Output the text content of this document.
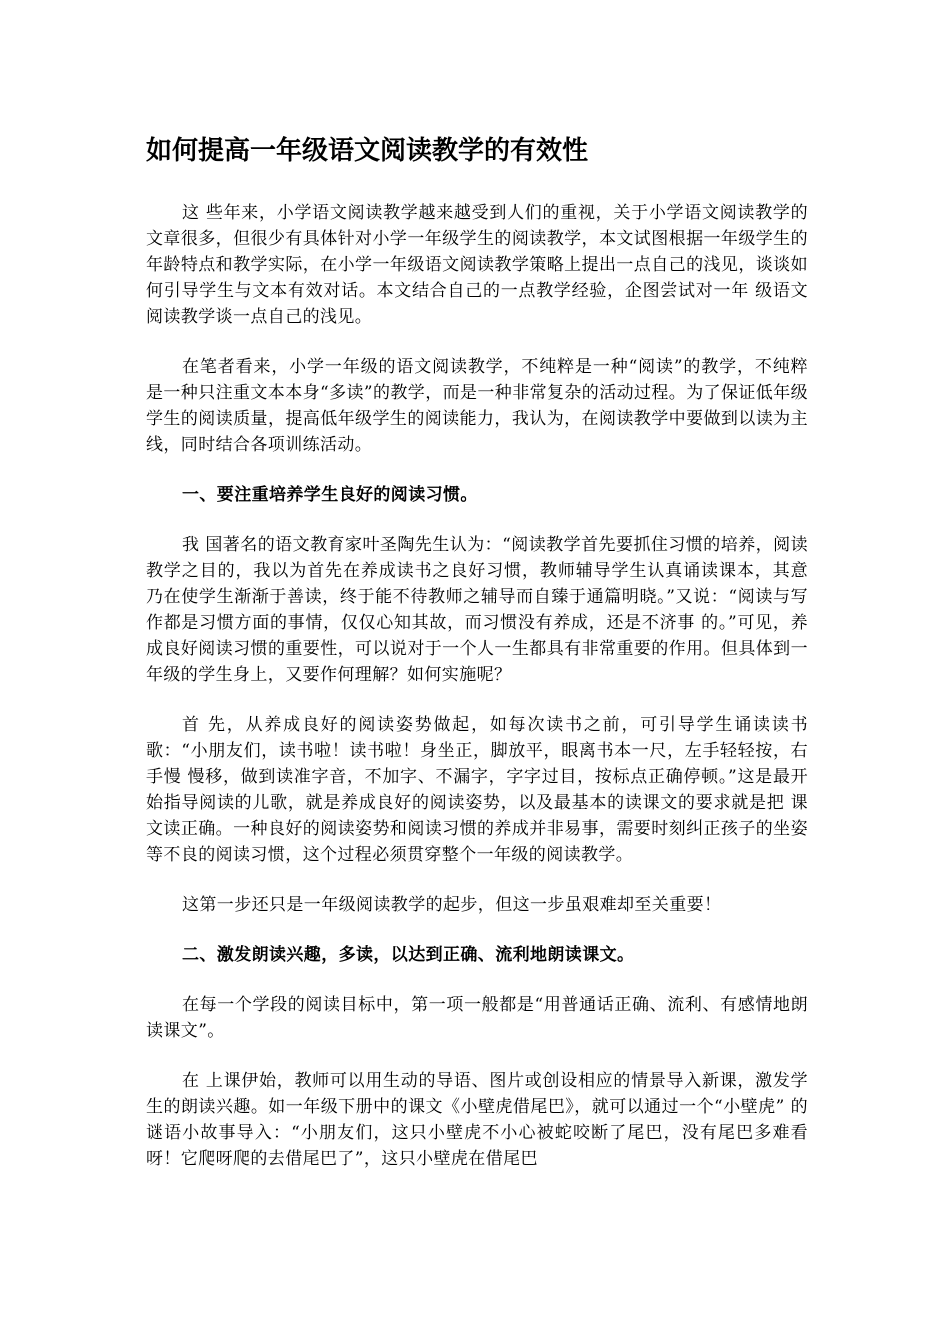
如何提高一年级语文阅读教学的有效性

这 些年来，小学语文阅读教学越来越受到人们的重视，关于小学语文阅读教学的文章很多，但很少有具体针对小学一年级学生的阅读教学，本文试图根据一年级学生的 年龄特点和教学实际，在小学一年级语文阅读教学策略上提出一点自己的浅见，谈谈如何引导学生与文本有效对话。本文结合自己的一点教学经验，企图尝试对一年 级语文阅读教学谈一点自己的浅见。

在笔者看来，小学一年级的语文阅读教学，不纯粹是一种“阅读”的教学，不纯粹是一种只注重文本本身“多读”的教学，而是一种非常复杂的活动过程。为了保证低年级学生的阅读质量，提高低年级学生的阅读能力，我认为，在阅读教学中要做到以读为主线，同时结合各项训练活动。

一、要注重培养学生良好的阅读习惯。

我 国著名的语文教育家叶圣陶先生认为：“阅读教学首先要抓住习惯的培养，阅读教学之目的，我以为首先在养成读书之良好习惯，教师辅导学生认真诵读课本，其意 乃在使学生渐渐于善读，终于能不待教师之辅导而自臻于通篇明晓。”又说：“阅读与写作都是习惯方面的事情，仅仅心知其故，而习惯没有养成，还是不济事 的。”可见，养成良好阅读习惯的重要性，可以说对于一个人一生都具有非常重要的作用。但具体到一年级的学生身上，又要作何理解？如何实施呢？

首 先，从养成良好的阅读姿势做起，如每次读书之前，可引导学生诵读读书歌：“小朋友们，读书啦！读书啦！身坐正，脚放平，眼离书本一尺，左手轻轻按，右手慢 慢移，做到读准字音，不加字、不漏字，字字过目，按标点正确停顿。”这是最开始指导阅读的儿歌，就是养成良好的阅读姿势，以及最基本的读课文的要求就是把 课文读正确。一种良好的阅读姿势和阅读习惯的养成并非易事，需要时刻纠正孩子的坐姿等不良的阅读习惯，这个过程必须贯穿整个一年级的阅读教学。

这第一步还只是一年级阅读教学的起步，但这一步虽艰难却至关重要！

二、激发朗读兴趣，多读，以达到正确、流利地朗读课文。

在每一个学段的阅读目标中，第一项一般都是“用普通话正确、流利、有感情地朗读课文”。

在 上课伊始，教师可以用生动的导语、图片或创设相应的情景导入新课，激发学生的朗读兴趣。如一年级下册中的课文《小壁虎借尾巴》，就可以通过一个“小壁虎” 的谜语小故事导入：“小朋友们，这只小壁虎不小心被蛇咬断了尾巴，没有尾巴多难看呀！它爬呀爬的去借尾巴了”，这只小壁虎在借尾巴
